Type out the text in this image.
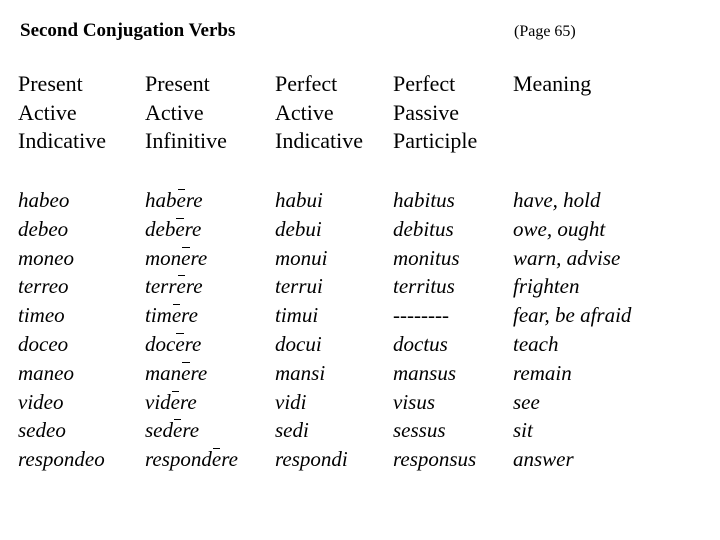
Second Conjugation Verbs	(Page 65)
Present
Active
Indicative
Present
Active
Infinitive
Perfect
Active
Indicative
Perfect
Passive
Participle
Meaning
habeo
debeo
moneo
terreo
timeo
doceo
maneo
video
sedeo
respondeo
habere
debere
monere
terrere
timere
docere
manere
videre
sedere
respondere
habui
debui
monui
terrui
timui
docui
mansi
vidi
sedi
respondi
habitus
debitus
monitus
territus
--------
doctus
mansus
visus
sessus
responsus
have, hold
owe, ought
warn, advise
frighten
fear, be afraid
teach
remain
see
sit
answer
